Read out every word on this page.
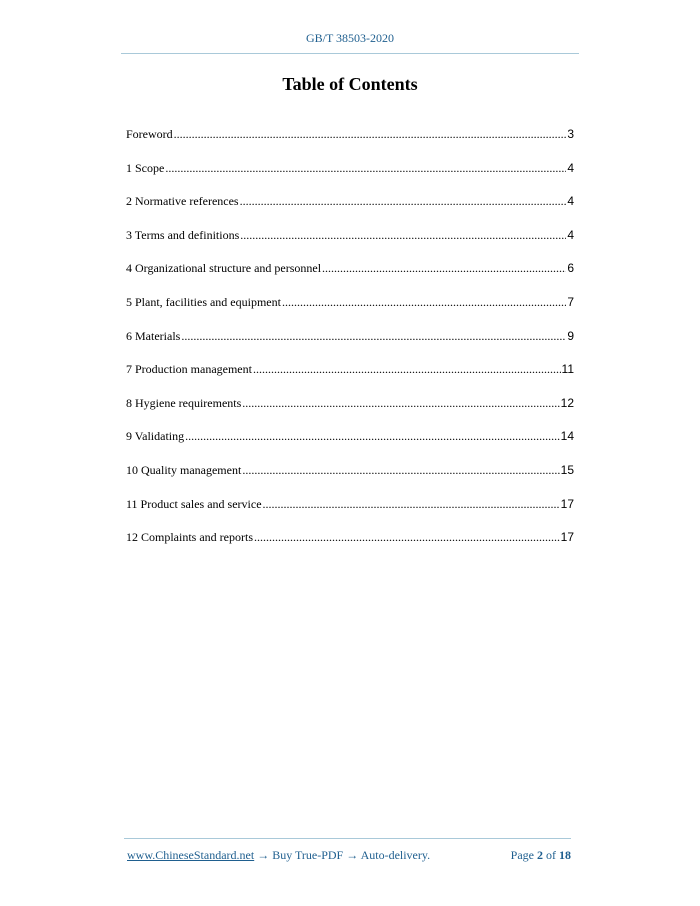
GB/T 38503-2020
Table of Contents
Foreword .....	3
1 Scope .....	4
2 Normative references .....	4
3 Terms and definitions .....	4
4 Organizational structure and personnel .....	6
5 Plant, facilities and equipment .....	7
6 Materials .....	9
7 Production management .....	11
8 Hygiene requirements .....	12
9 Validating .....	14
10 Quality management .....	15
11 Product sales and service .....	17
12 Complaints and reports .....	17
www.ChineseStandard.net → Buy True-PDF → Auto-delivery.	Page 2 of 18
